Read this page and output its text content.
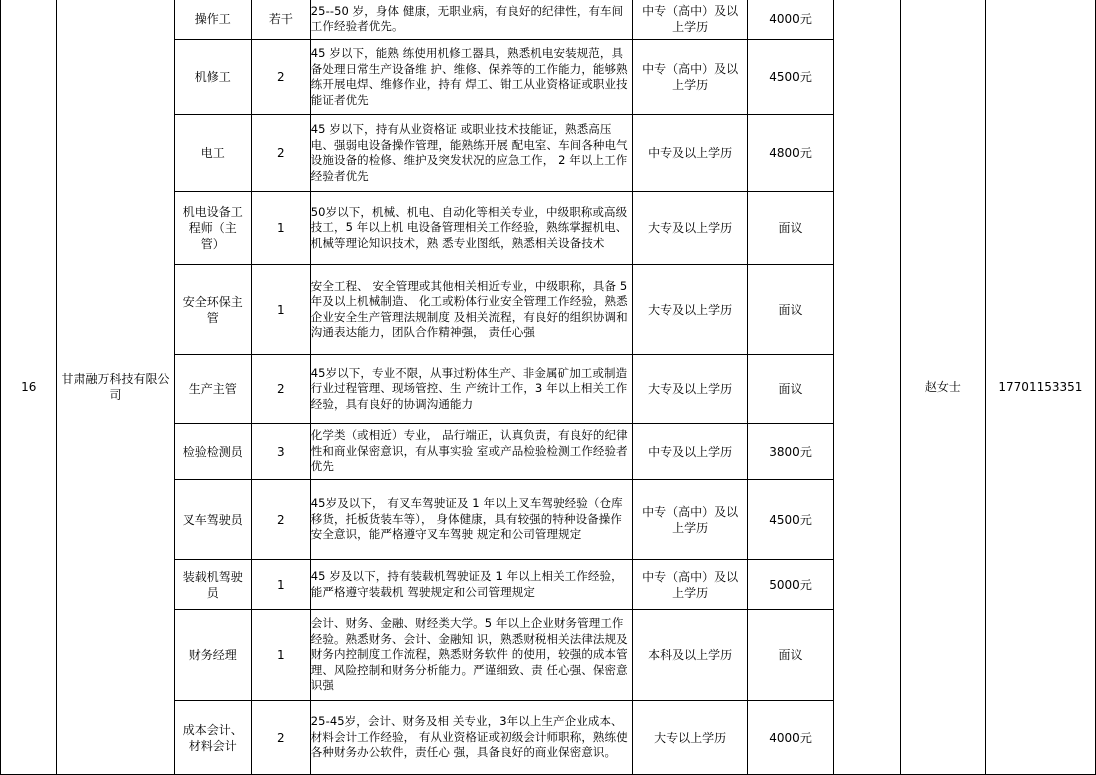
16	甘肃融万科技有限公司	操作工	若干	25--50 岁，身体 健康，无职业病，有良好的纪律性，有车间工作经验者优先。	中专（高中）及以上学历	4000元		赵女士	17701153351
		机修工	2	45 岁以下，能熟 练使用机修工器具，熟悉机电安装规范，具备处理日常生产设备维 护、维修、保养等的工作能力，能够熟练开展电焊、维修作业，持有 焊工、钳工从业资格证或职业技能证者优先	中专（高中）及以上学历	4500元			
		电工	2	45 岁以下，持有从业资格证 或职业技术技能证，熟悉高压电、强弱电设备操作管理，能熟练开展 配电室、车间各种电气设施设备的检修、维护及突发状况的应急工作， 2 年以上工作经验者优先	中专及以上学历	4800元			
		机电设备工程师（主管）	1	50岁以下，机械、机电、自动化等相关专业，中级职称或高级技工，5 年以上机 电设备管理相关工作经验，熟练掌握机电、机械等理论知识技术，熟 悉专业图纸，熟悉相关设备技术	大专及以上学历	面议			
		安全环保主管	1	安全工程、 安全管理或其他相关相近专业，中级职称，具备 5 年及以上机械制造、 化工或粉体行业安全管理工作经验，熟悉企业安全生产管理法规制度 及相关流程，有良好的组织协调和沟通表达能力，团队合作精神强， 责任心强	大专及以上学历	面议			
		生产主管	2	45岁以下，专业不限，从事过粉体生产、非金属矿加工或制造行业过程管理、现场管控、生 产统计工作，3 年以上相关工作经验，具有良好的协调沟通能力	大专及以上学历	面议			
		检验检测员	3	化学类（或相近）专业， 品行端正，认真负责，有良好的纪律性和商业保密意识，有从事实验 室或产品检验检测工作经验者优先	中专及以上学历	3800元			
		叉车驾驶员	2	45岁及以下， 有叉车驾驶证及 1 年以上叉车驾驶经验（仓库移货，托板货装车等）， 身体健康，具有较强的特种设备操作安全意识，能严格遵守叉车驾驶 规定和公司管理规定	中专（高中）及以上学历	4500元			
		装载机驾驶员	1	45 岁及以下，持有装载机驾驶证及 1 年以上相关工作经验，能严格遵守装载机 驾驶规定和公司管理规定	中专（高中）及以上学历	5000元			
		财务经理	1	会计、财务、金融、财经类大学。5 年以上企业财务管理工作经验。熟悉财务、会计、金融知 识，熟悉财税相关法律法规及财务内控制度工作流程，熟悉财务软件 的使用，较强的成本管理、风险控制和财务分析能力。严谨细致、责 任心强、保密意识强	本科及以上学历	面议			
		成本会计、材料会计	2	25-45岁，会计、财务及相 关专业，3年以上生产企业成本、材料会计工作经验， 有从业资格证或初级会计师职称，熟练使各种财务办公软件，责任心 强，具备良好的商业保密意识。	大专以上学历	4000元			
